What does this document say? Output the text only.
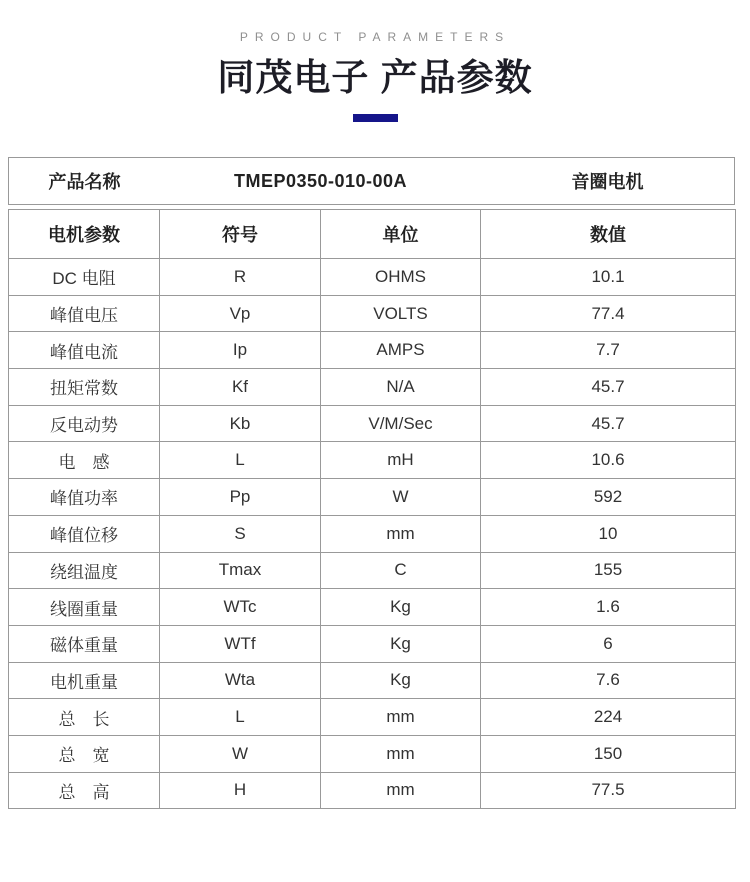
PRODUCT PARAMETERS
同茂电子 产品参数
产品名称	TMEP0350-010-00A	音圈电机
电机参数	符号	单位	数值
DC 电阻	R	OHMS	10.1
峰值电压	Vp	VOLTS	77.4
峰值电流	Ip	AMPS	7.7
扭矩常数	Kf	N/A	45.7
反电动势	Kb	V/M/Sec	45.7
电　感	L	mH	10.6
峰值功率	Pp	W	592
峰值位移	S	mm	10
绕组温度	Tmax	C	155
线圈重量	WTc	Kg	1.6
磁体重量	WTf	Kg	6
电机重量	Wta	Kg	7.6
总　长	L	mm	224
总　宽	W	mm	150
总　高	H	mm	77.5
